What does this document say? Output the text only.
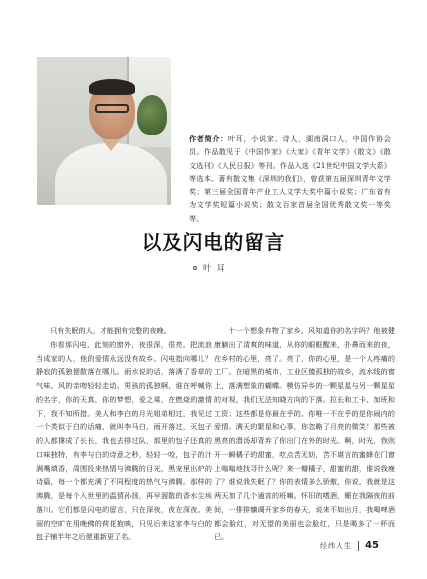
作者简介：叶耳，小说家、诗人，湖南洞口人，中国作协会员。作品散见于《中国作家》《大家》《青年文学》《散文》《散文选刊》《人民日报》等刊。作品入选《21世纪中国文学大系》等选本。著有散文集《深圳的我们》，曾获第五届深圳青年文学奖；第三届全国青年产业工人文学大奖中篇小说奖；广东省有为文学奖短篇小说奖；散文百家首届全国优秀散文奖一等奖等。
以及闪电的留言
叶耳

只有失眠的人，才能拥有完整的夜晚。

你看那闪电，此刻的窗外，夜很深，很亮。把流浪当成家的人，他的爱情永远没有故乡。闪电指向哪儿？静寂的孤独便散落在哪儿。雨水说的话，落满了香草的气味。风的亲吻轻轻走动。男孩的孤独啊，谁在呼喊你的名字，你的天真，你的梦想，爱之乘，在燃烧的激情下，我不知所措。美人和李白的月光姐弟相过，我见过一个类似于白的话痛，就叫李马白，雨开落过，灭包子的人都撑成了长长，我也去排过队，那里的包子还真的口味独特，有李与白的诗意之秒，轻轻一咬，包子的汁满嘴填香，周围投来热情与沸腾的目光，黑宠里出炉的诗篇，每一个都充满了不同程度的热气与沸腾。那样的沸腾，是每个入世里的温情孙扬，再早溜散的香水尘埃落川。它们都是闪电的留言，只在深夜，夜在深夜。美丽的空旷在用晚佛的荷花抱映，只见后来这家李与白的包子铺半年之后便重新更了名。

十一个想象弃物了家乡。风知道你的名字吗？他被健康躺出了清爽的味道，从你的眼眶醒来，扑鼻而来的夜，在乡村的心里，亮了。亮了，你的心里，是一个人疼痛的工厂。在暗黑的城市，工业区傻孤独的故乡，流水线的窗上，落满想象的蝴蝶。模仿异乡的一颗星星与另一颗星星的对视，我们无法知晓方向的下落。拉长和工卡、加班和工资；这些都是你最在乎的。你唯一不在乎的是你闹内的爱情。满天的繁星和心事，你忽略了月亮的微笑！那些被黑亮的潜汤却背弃了你出门在外的时光。啊，时光，我则开一瞬橘子的甜蜜，吃点苦无妨，苦不堪言的蜜蜂在门窗上嗡嗡地找寻什么呢？来一瓣橘子，甜蜜的甜，谁说我瘦了？谁说我失眠了？你的表情多么骄傲，你说，我就是这两天加了几个通宵的班嘛。怀旧的嗜酒，睡在我隔夜的前间，一排排慵调开家乡的春天，说来不如出月，我喝啤酒都会脸红，对无望的美丽也会脸红，只是喝多了一杯而已。

经纬人生 45
